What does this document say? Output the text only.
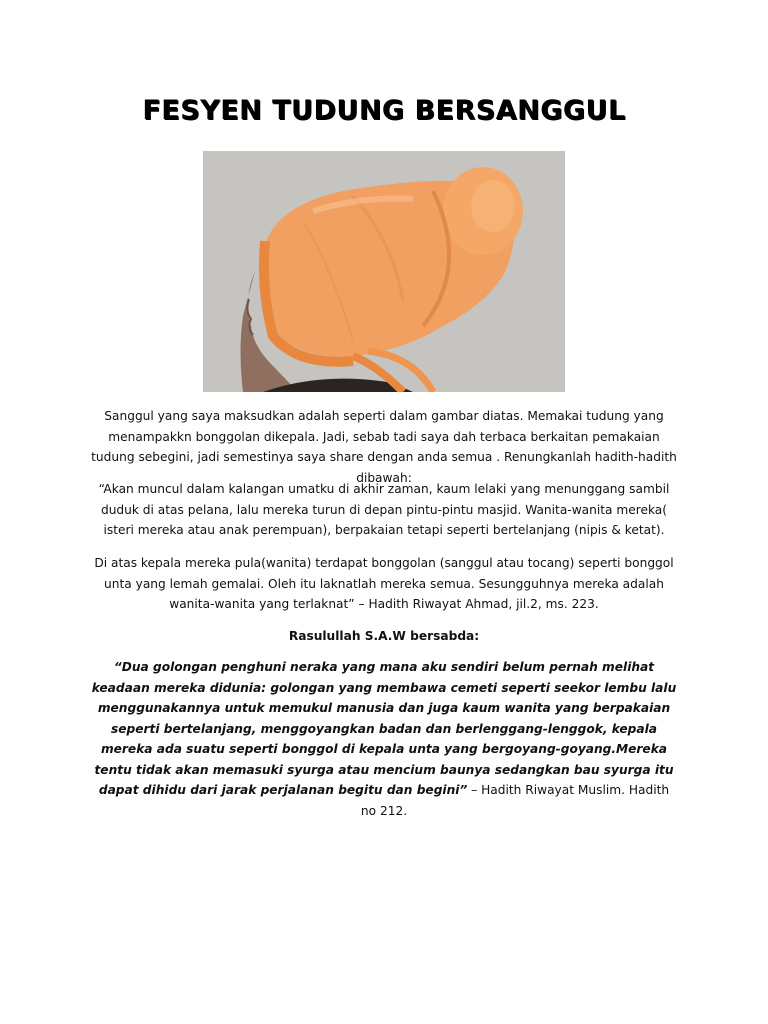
FESYEN TUDUNG BERSANGGUL
Sanggul yang saya maksudkan adalah seperti dalam gambar diatas. Memakai tudung yang menampakkn bonggolan dikepala. Jadi, sebab tadi saya dah terbaca berkaitan pemakaian tudung sebegini, jadi semestinya saya share dengan anda semua . Renungkanlah hadith-hadith dibawah:
“Akan muncul dalam kalangan umatku di akhir zaman, kaum lelaki yang menunggang sambil duduk di atas pelana, lalu mereka turun di depan pintu-pintu masjid. Wanita-wanita mereka( isteri mereka atau anak perempuan), berpakaian tetapi seperti bertelanjang (nipis & ketat).
Di atas kepala mereka pula(wanita) terdapat bonggolan (sanggul atau tocang) seperti bonggol unta yang lemah gemalai. Oleh itu laknatlah mereka semua. Sesungguhnya mereka adalah wanita-wanita yang terlaknat” – Hadith Riwayat Ahmad, jil.2, ms. 223.
Rasulullah S.A.W bersabda:
“Dua golongan penghuni neraka yang mana aku sendiri belum pernah melihat keadaan mereka didunia: golongan yang membawa cemeti seperti seekor lembu lalu menggunakannya untuk memukul manusia dan juga kaum wanita yang berpakaian seperti bertelanjang, menggoyangkan badan dan berlenggang-lenggok, kepala mereka ada suatu seperti bonggol di kepala unta yang bergoyang-goyang.Mereka tentu tidak akan memasuki syurga atau mencium baunya sedangkan bau syurga itu dapat dihidu dari jarak perjalanan begitu dan begini” – Hadith Riwayat Muslim. Hadith no 212.
